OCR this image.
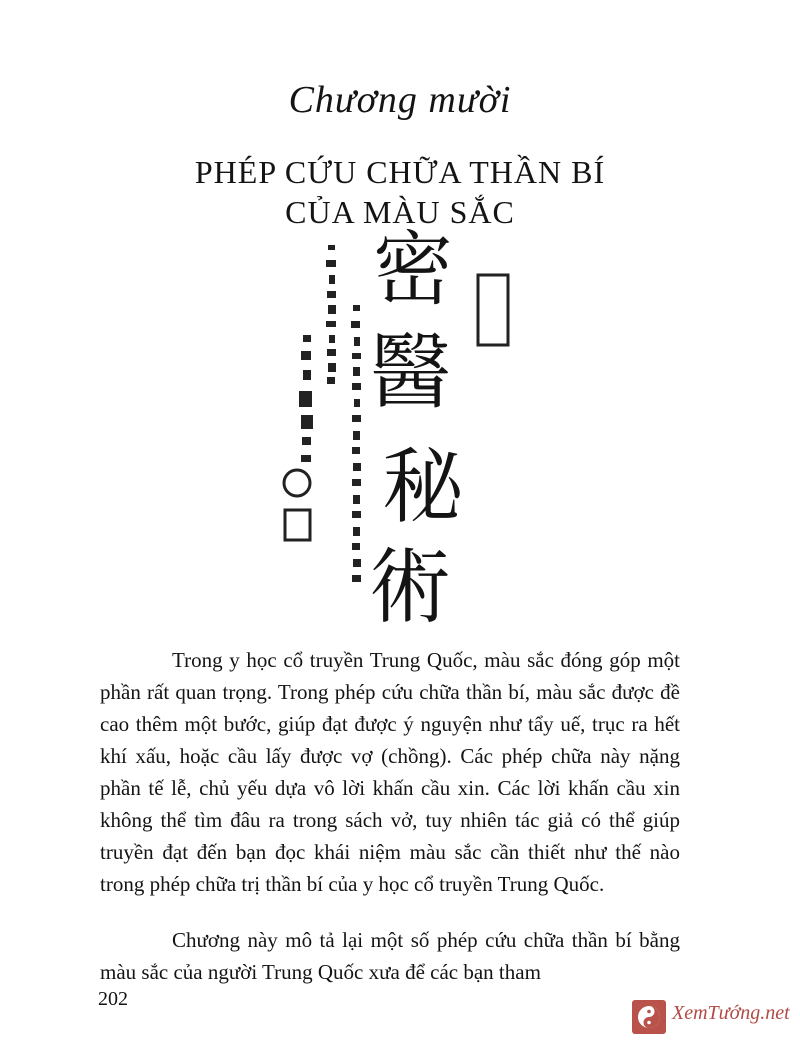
Chương mười
PHÉP CỨU CHỮA THẦN BÍ
CỦA MÀU SẮC
密
醫
秘
術
Trong y học cổ truyền Trung Quốc, màu sắc đóng góp một phần rất quan trọng. Trong phép cứu chữa thần bí, màu sắc được đề cao thêm một bước, giúp đạt được ý nguyện như tẩy uế, trục ra hết khí xấu, hoặc cầu lấy được vợ (chồng). Các phép chữa này nặng phần tế lễ, chủ yếu dựa vô lời khấn cầu xin. Các lời khấn cầu xin không thể tìm đâu ra trong sách vở, tuy nhiên tác giả có thể giúp truyền đạt đến bạn đọc khái niệm màu sắc cần thiết như thế nào trong phép chữa trị thần bí của y học cổ truyền Trung Quốc.
Chương này mô tả lại một số phép cứu chữa thần bí bằng màu sắc của người Trung Quốc xưa để các bạn tham
202
XemTướng.net
